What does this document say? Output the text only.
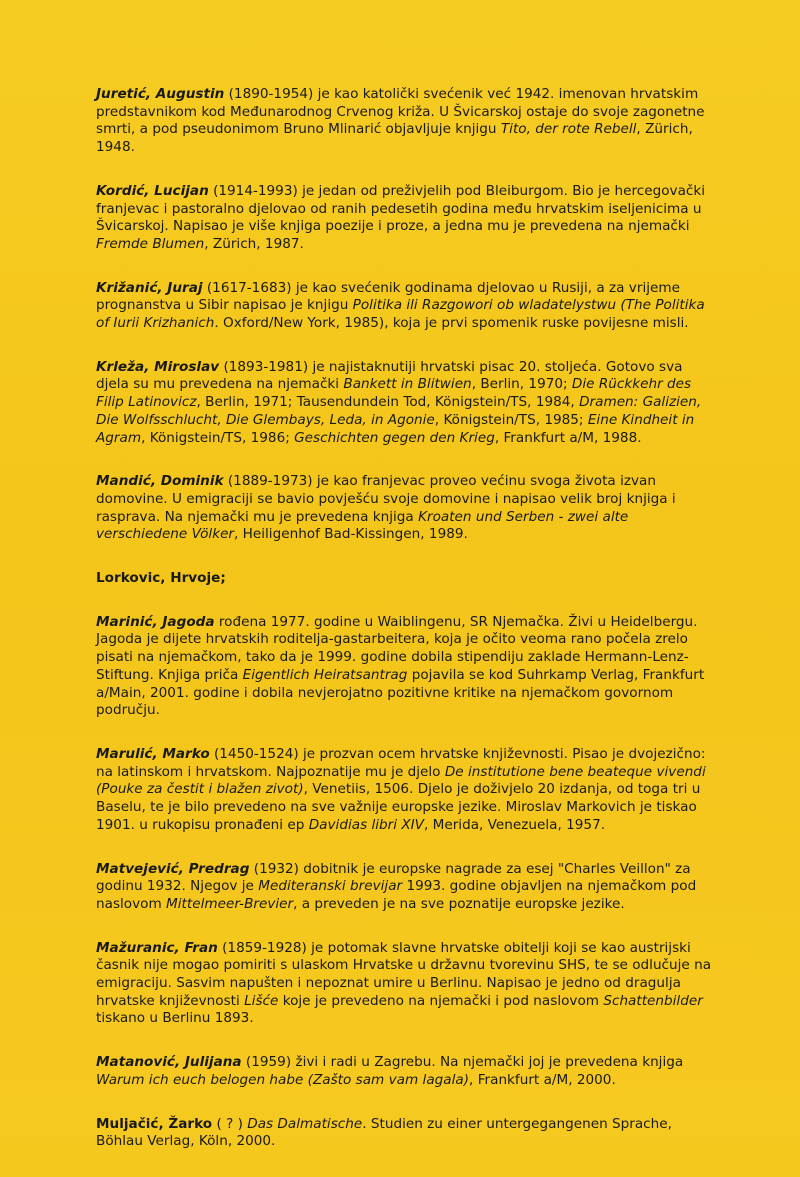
Juretić, Augustin (1890-1954) je kao katolički svećenik već 1942. imenovan hrvatskim predstavnikom kod Međunarodnog Crvenog križa. U Švicarskoj ostaje do svoje zagonetne smrti, a pod pseudonimom Bruno Mlinarić objavljuje knjigu Tito, der rote Rebell, Zürich, 1948.

Kordić, Lucijan (1914-1993) je jedan od preživjelih pod Bleiburgom. Bio je hercegovački franjevac i pastoralno djelovao od ranih pedesetih godina među hrvatskim iseljenicima u Švicarskoj. Napisao je više knjiga poezije i proze, a jedna mu je prevedena na njemački Fremde Blumen, Zürich, 1987.

Križanić, Juraj (1617-1683) je kao svećenik godinama djelovao u Rusiji, a za vrijeme prognanstva u Sibir napisao je knjigu Politika ili Razgowori ob wladatelystwu (The Politika of Iurii Krizhanich. Oxford/New York, 1985), koja je prvi spomenik ruske povijesne misli.

Krleža, Miroslav (1893-1981) je najistaknutiji hrvatski pisac 20. stoljeća. Gotovo sva djela su mu prevedena na njemački Bankett in Blitwien, Berlin, 1970; Die Rückkehr des Filip Latinovicz, Berlin, 1971; Tausendundein Tod, Königstein/TS, 1984, Dramen: Galizien, Die Wolfsschlucht, Die Glembays, Leda, in Agonie, Königstein/TS, 1985; Eine Kindheit in Agram, Königstein/TS, 1986; Geschichten gegen den Krieg, Frankfurt a/M, 1988.

Mandić, Dominik (1889-1973) je kao franjevac proveo većinu svoga života izvan domovine. U emigraciji se bavio povješću svoje domovine i napisao velik broj knjiga i rasprava. Na njemački mu je prevedena knjiga Kroaten und Serben - zwei alte verschiedene Völker, Heiligenhof Bad-Kissingen, 1989.

Lorkovic, Hrvoje;

Marinić, Jagoda rođena 1977. godine u Waiblingenu, SR Njemačka. Živi u Heidelbergu. Jagoda je dijete hrvatskih roditelja-gastarbeitera, koja je očito veoma rano počela zrelo pisati na njemačkom, tako da je 1999. godine dobila stipendiju zaklade Hermann-Lenz-Stiftung. Knjiga priča Eigentlich Heiratsantrag pojavila se kod Suhrkamp Verlag, Frankfurt a/Main, 2001. godine i dobila nevjerojatno pozitivne kritike na njemačkom govornom području.

Marulić, Marko (1450-1524) je prozvan ocem hrvatske književnosti. Pisao je dvojezično: na latinskom i hrvatskom. Najpoznatije mu je djelo De institutione bene beateque vivendi (Pouke za čestit i blažen zivot), Venetiis, 1506. Djelo je doživjelo 20 izdanja, od toga tri u Baselu, te je bilo prevedeno na sve važnije europske jezike. Miroslav Markovich je tiskao 1901. u rukopisu pronađeni ep Davidias libri XIV, Merida, Venezuela, 1957.

Matvejević, Predrag (1932) dobitnik je europske nagrade za esej "Charles Veillon" za godinu 1932. Njegov je Mediteranski brevijar 1993. godine objavljen na njemačkom pod naslovom Mittelmeer-Brevier, a preveden je na sve poznatije europske jezike.

Mažuranic, Fran (1859-1928) je potomak slavne hrvatske obitelji koji se kao austrijski časnik nije mogao pomiriti s ulaskom Hrvatske u državnu tvorevinu SHS, te se odlučuje na emigraciju. Sasvim napušten i nepoznat umire u Berlinu. Napisao je jedno od dragulja hrvatske književnosti Lišće koje je prevedeno na njemački i pod naslovom Schattenbilder tiskano u Berlinu 1893.

Matanović, Julijana (1959) živi i radi u Zagrebu. Na njemački joj je prevedena knjiga Warum ich euch belogen habe (Zašto sam vam lagala), Frankfurt a/M, 2000.

Muljačić, Žarko ( ? ) Das Dalmatische. Studien zu einer untergegangenen Sprache, Böhlau Verlag, Köln, 2000.
